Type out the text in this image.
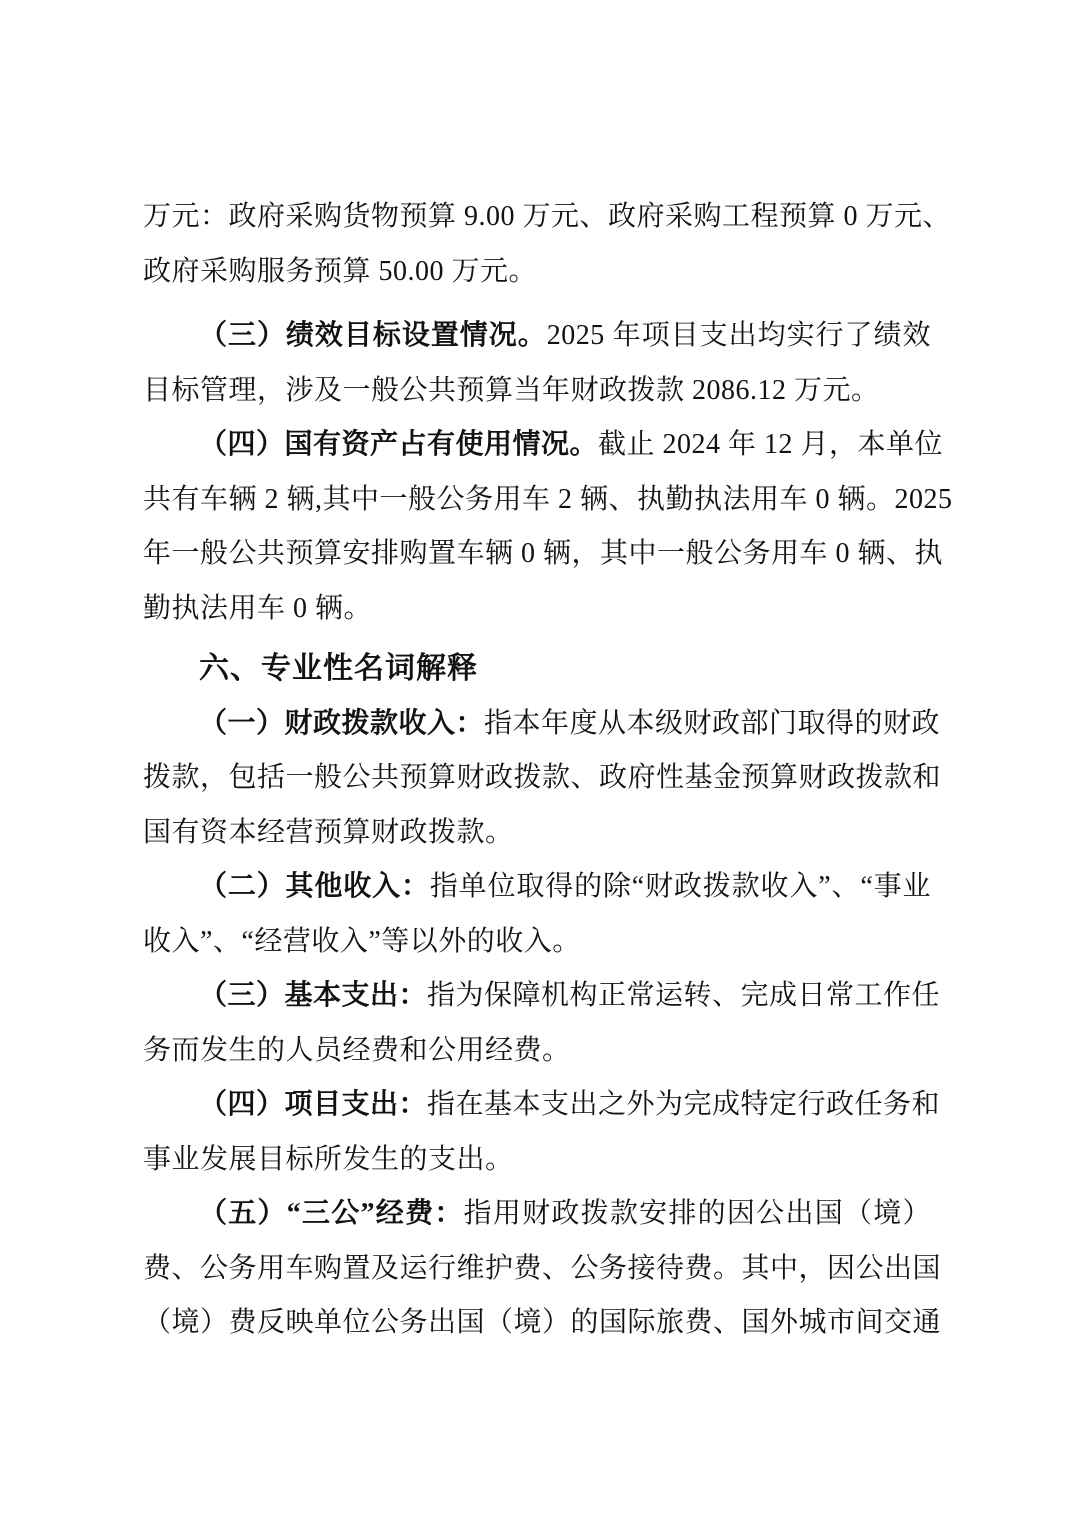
万元：政府采购货物预算 9.00 万元、政府采购工程预算 0 万元、
政府采购服务预算 50.00 万元。
（三）绩效目标设置情况。2025 年项目支出均实行了绩效
目标管理，涉及一般公共预算当年财政拨款 2086.12 万元。
（四）国有资产占有使用情况。截止 2024 年 12 月，本单位
共有车辆 2 辆,其中一般公务用车 2 辆、执勤执法用车 0 辆。2025
年一般公共预算安排购置车辆 0 辆，其中一般公务用车 0 辆、执
勤执法用车 0 辆。
六、专业性名词解释
（一）财政拨款收入：指本年度从本级财政部门取得的财政
拨款，包括一般公共预算财政拨款、政府性基金预算财政拨款和
国有资本经营预算财政拨款。
（二）其他收入：指单位取得的除“财政拨款收入”、“事业
收入”、“经营收入”等以外的收入。
（三）基本支出：指为保障机构正常运转、完成日常工作任
务而发生的人员经费和公用经费。
（四）项目支出：指在基本支出之外为完成特定行政任务和
事业发展目标所发生的支出。
（五）“三公”经费：指用财政拨款安排的因公出国（境）
费、公务用车购置及运行维护费、公务接待费。其中，因公出国
（境）费反映单位公务出国（境）的国际旅费、国外城市间交通
